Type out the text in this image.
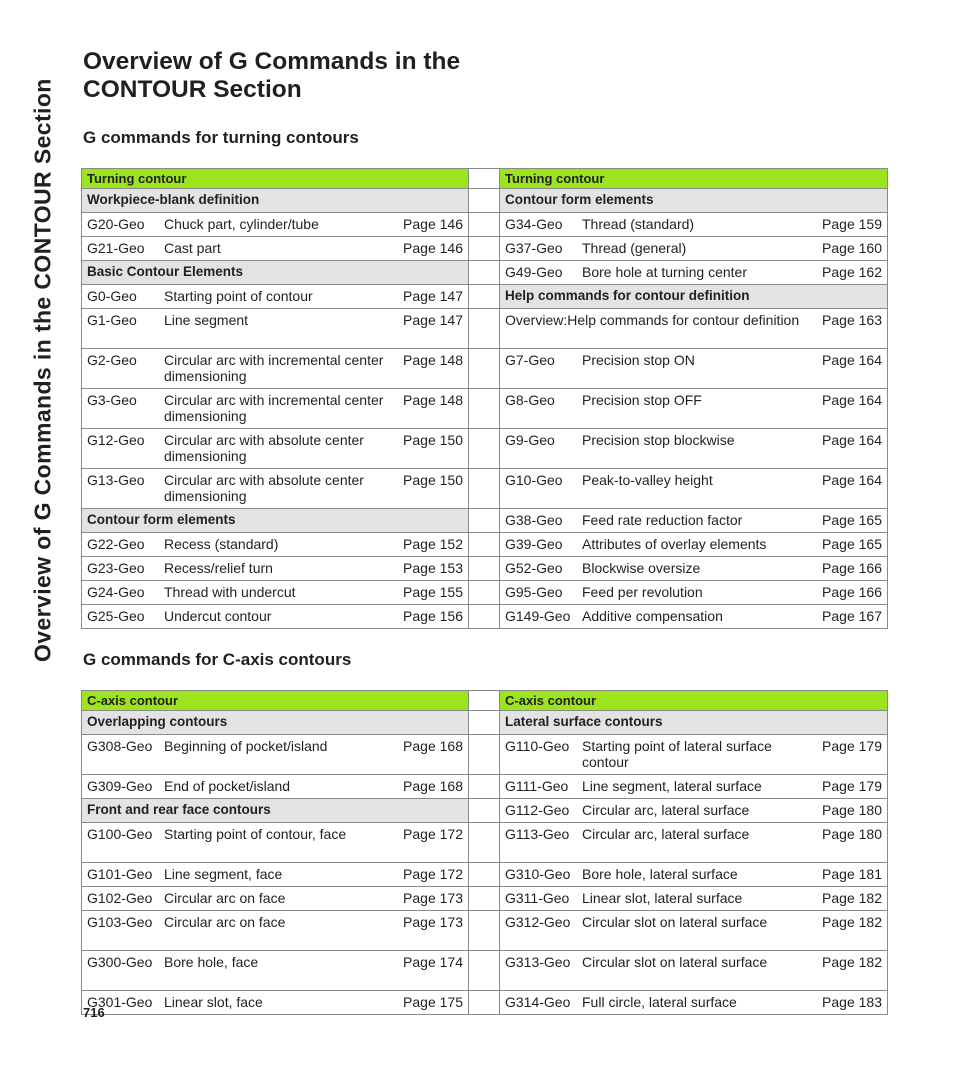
Overview of G Commands in the CONTOUR Section
Overview of G Commands in the
CONTOUR Section
G commands for turning contours
Turning contour		Turning contour
Workpiece-blank definition		Contour form elements

G20-Geo Chuck part, cylinder/tube Page 146		G34-Geo Thread (standard) Page 159

G21-Geo Cast part Page 146		G37-Geo Thread (general) Page 160

Basic Contour Elements		G49-Geo Bore hole at turning center Page 162

G0-Geo Starting point of contour Page 147		Help commands for contour definition

G1-Geo Line segment Page 147		Overview:Help commands for contour definition Page 163

G2-Geo Circular arc with incremental center dimensioning
Page 148		G7-Geo Precision stop ON Page 164

G3-Geo Circular arc with incremental center dimensioning
Page 148		G8-Geo Precision stop OFF Page 164

G12-Geo Circular arc with absolute center dimensioning
Page 150		G9-Geo Precision stop blockwise Page 164

G13-Geo Circular arc with absolute center dimensioning
Page 150		G10-Geo Peak-to-valley height Page 164

Contour form elements		G38-Geo Feed rate reduction factor Page 165

G22-Geo Recess (standard) Page 152		G39-Geo Attributes of overlay elements Page 165

G23-Geo Recess/relief turn Page 153		G52-Geo Blockwise oversize Page 166

G24-Geo Thread with undercut Page 155		G95-Geo Feed per revolution Page 166

G25-Geo Undercut contour Page 156		G149-Geo Additive compensation Page 167
G commands for C-axis contours
C-axis contour		C-axis contour
Overlapping contours		Lateral surface contours

G308-Geo Beginning of pocket/island Page 168		G110-Geo Starting point of lateral surface contour
Page 179

G309-Geo End of pocket/island Page 168		G111-Geo Line segment, lateral surface Page 179

Front and rear face contours		G112-Geo Circular arc, lateral surface Page 180

G100-Geo Starting point of contour, face Page 172		G113-Geo Circular arc, lateral surface Page 180

G101-Geo Line segment, face Page 172		G310-Geo Bore hole, lateral surface Page 181

G102-Geo Circular arc on face Page 173		G311-Geo Linear slot, lateral surface Page 182

G103-Geo Circular arc on face Page 173		G312-Geo Circular slot on lateral surface Page 182

G300-Geo Bore hole, face Page 174		G313-Geo Circular slot on lateral surface Page 182

G301-Geo Linear slot, face Page 175		G314-Geo Full circle, lateral surface Page 183
716
